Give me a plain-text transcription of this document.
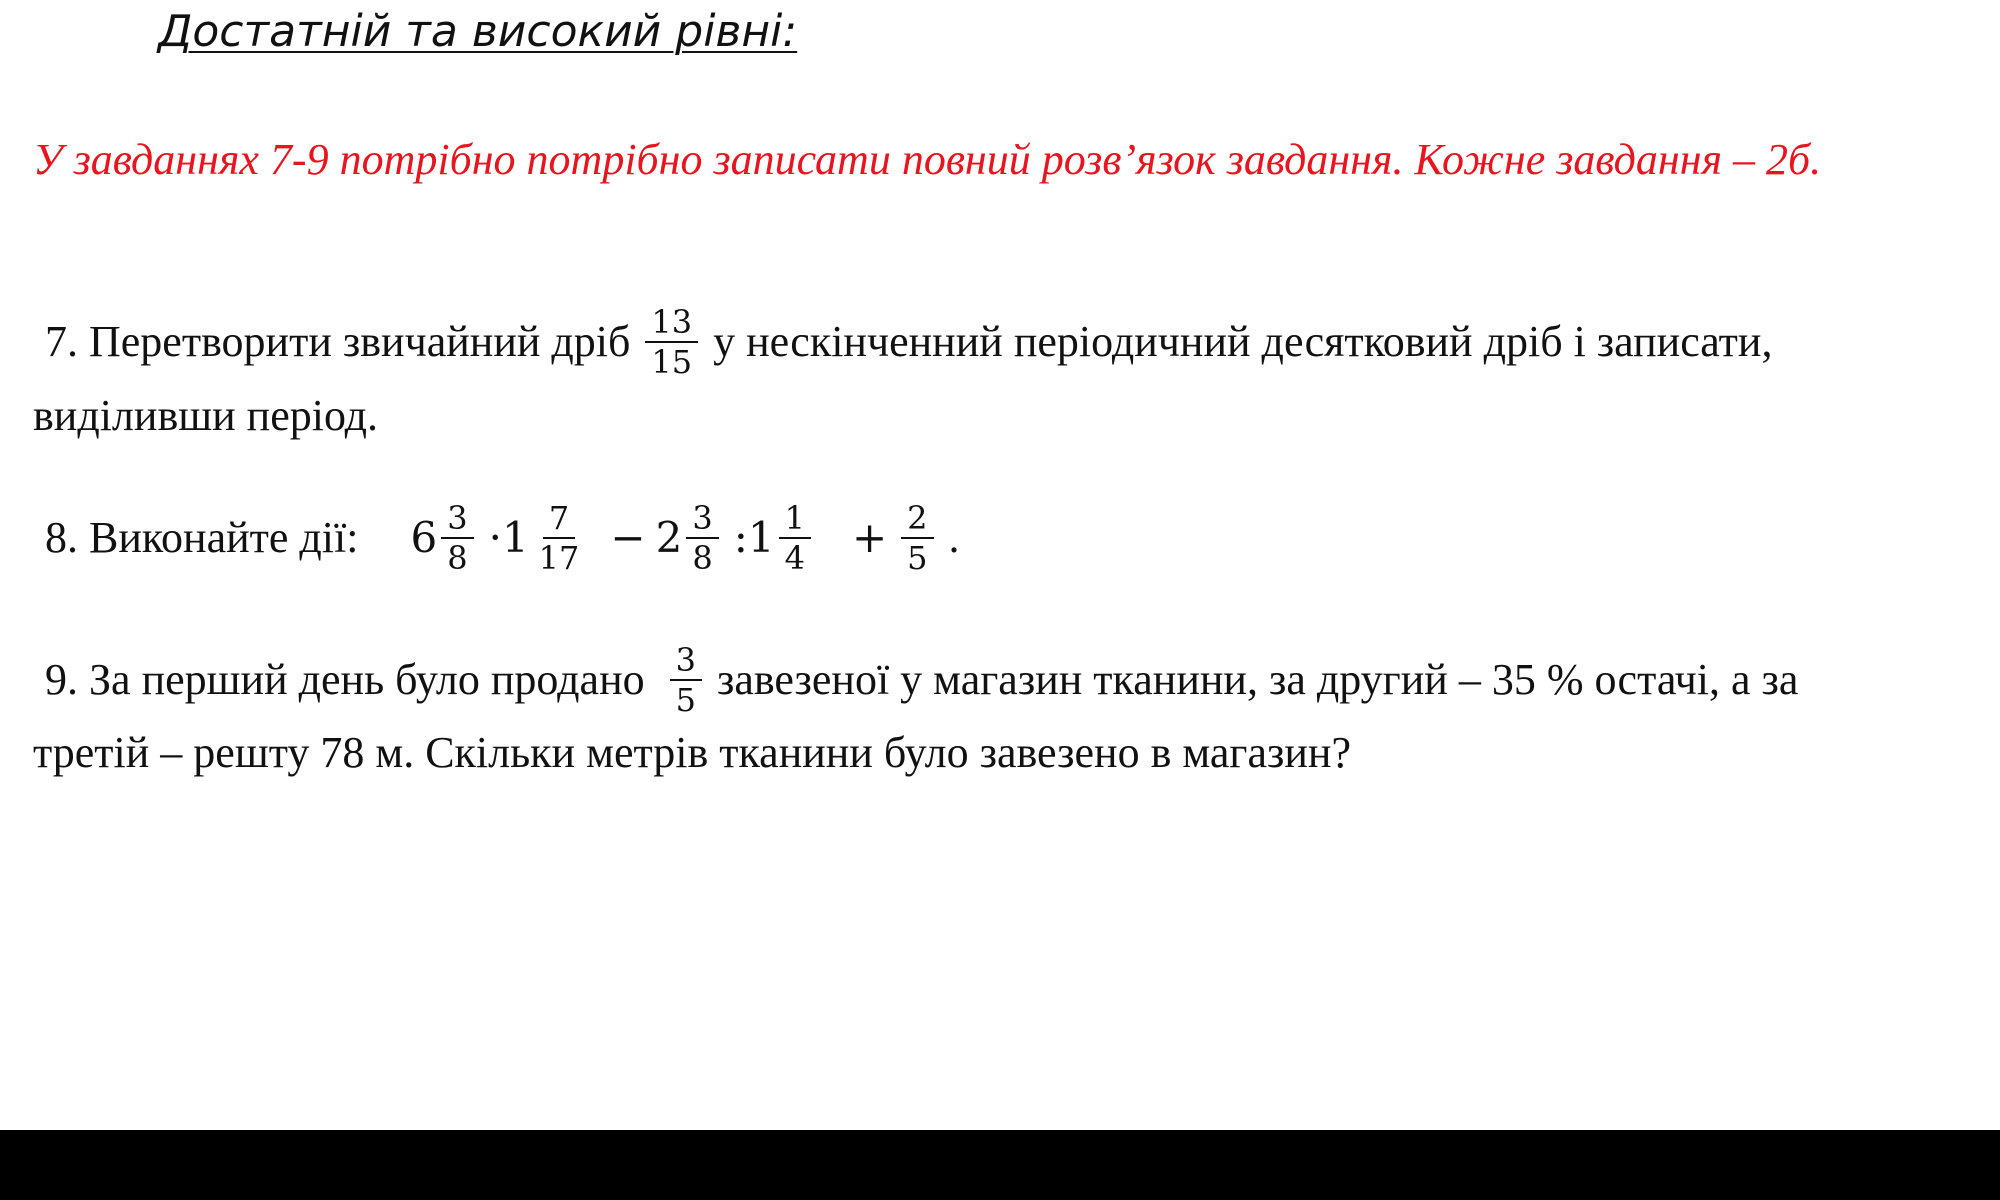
Достатній та високий рівні:
У завданнях 7-9 потрібно потрібно записати повний розв’язок завдання. Кожне завдання – 2б.
7. Перетворити звичайний дріб $\frac{13}{15}$ у нескінченний періодичний десятковий дріб і записати,
виділивши період.
8. Виконайте дії: $6 \frac{3}{8} \cdot 1 \frac{7}{17} - 2 \frac{3}{8}$ :1 $\frac{1}{4} + \frac{2}{5}$ .
9. За перший день було продано $\frac{3}{5}$ завезеної у магазин тканини, за другий – 35 % остачі, а за
третій – решту 78 м. Скільки метрів тканини було завезено в магазин?
